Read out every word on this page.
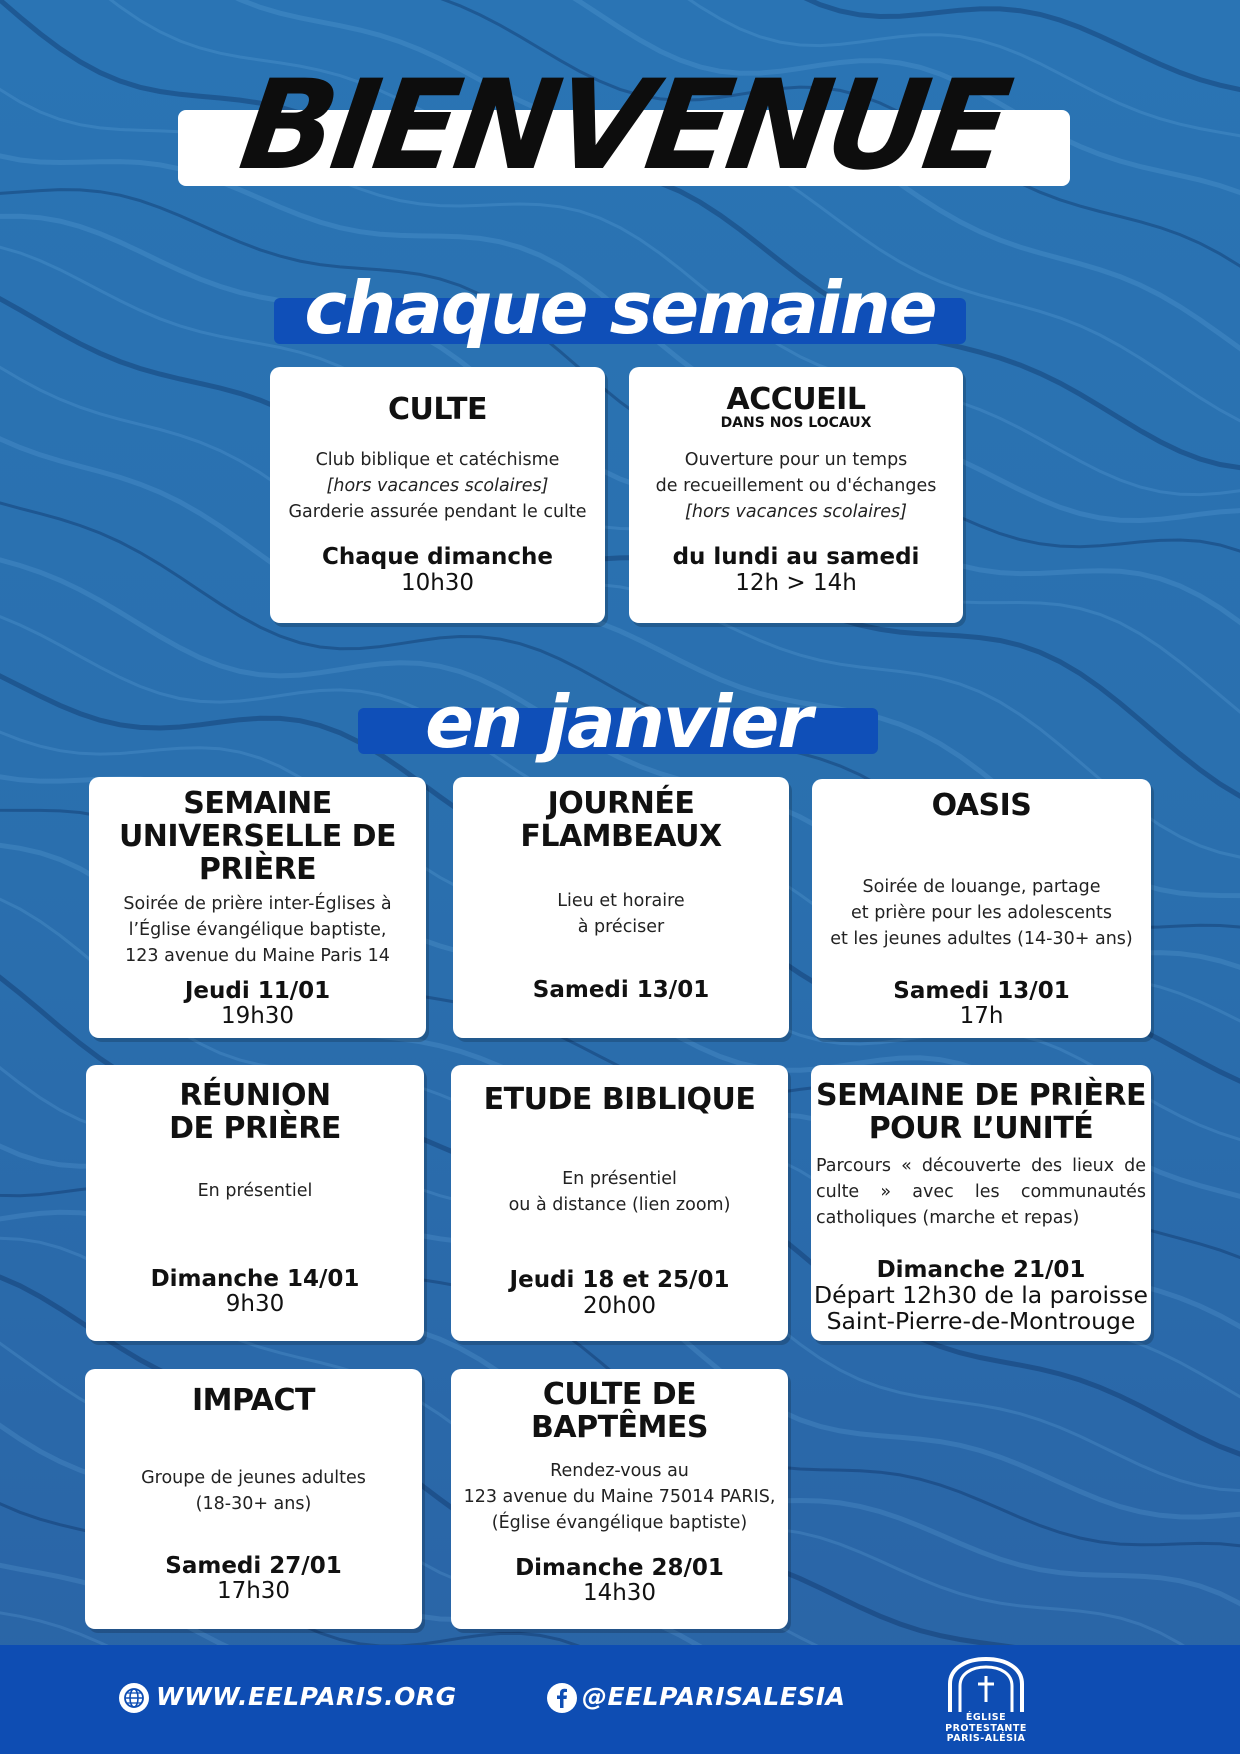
BIENVENUE
chaque semaine
CULTE
Club biblique et catéchisme
[hors vacances scolaires]
Garderie assurée pendant le culte
Chaque dimanche
10h30
ACCUEIL
DANS NOS LOCAUX
Ouverture pour un temps
de recueillement ou d'échanges
[hors vacances scolaires]
du lundi au samedi
12h > 14h
en janvier
SEMAINE
UNIVERSELLE DE
PRIÈRE
Soirée de prière inter-Églises à
l’Église évangélique baptiste,
123 avenue du Maine Paris 14
Jeudi 11/01
19h30
JOURNÉE
FLAMBEAUX
Lieu et horaire
à préciser
Samedi 13/01
OASIS
Soirée de louange, partage
et prière pour les adolescents
et les jeunes adultes (14-30+ ans)
Samedi 13/01
17h
RÉUNION
DE PRIÈRE
En présentiel
Dimanche 14/01
9h30
ETUDE BIBLIQUE
En présentiel
ou à distance (lien zoom)
Jeudi 18 et 25/01
20h00
SEMAINE DE PRIÈRE
POUR L’UNITÉ
Parcours « découverte des lieux de culte » avec les communautés catholiques (marche et repas)
Dimanche 21/01
Départ 12h30 de la paroisse
Saint-Pierre-de-Montrouge
IMPACT
Groupe de jeunes adultes
(18-30+ ans)
Samedi 27/01
17h30
CULTE DE
BAPTÊMES
Rendez-vous au
123 avenue du Maine 75014 PARIS,
(Église évangélique baptiste)
Dimanche 28/01
14h30
WWW.EELPARIS.ORG	@EELPARISALESIA
ÉGLISE
PROTESTANTE
PARIS-ALÉSIA
